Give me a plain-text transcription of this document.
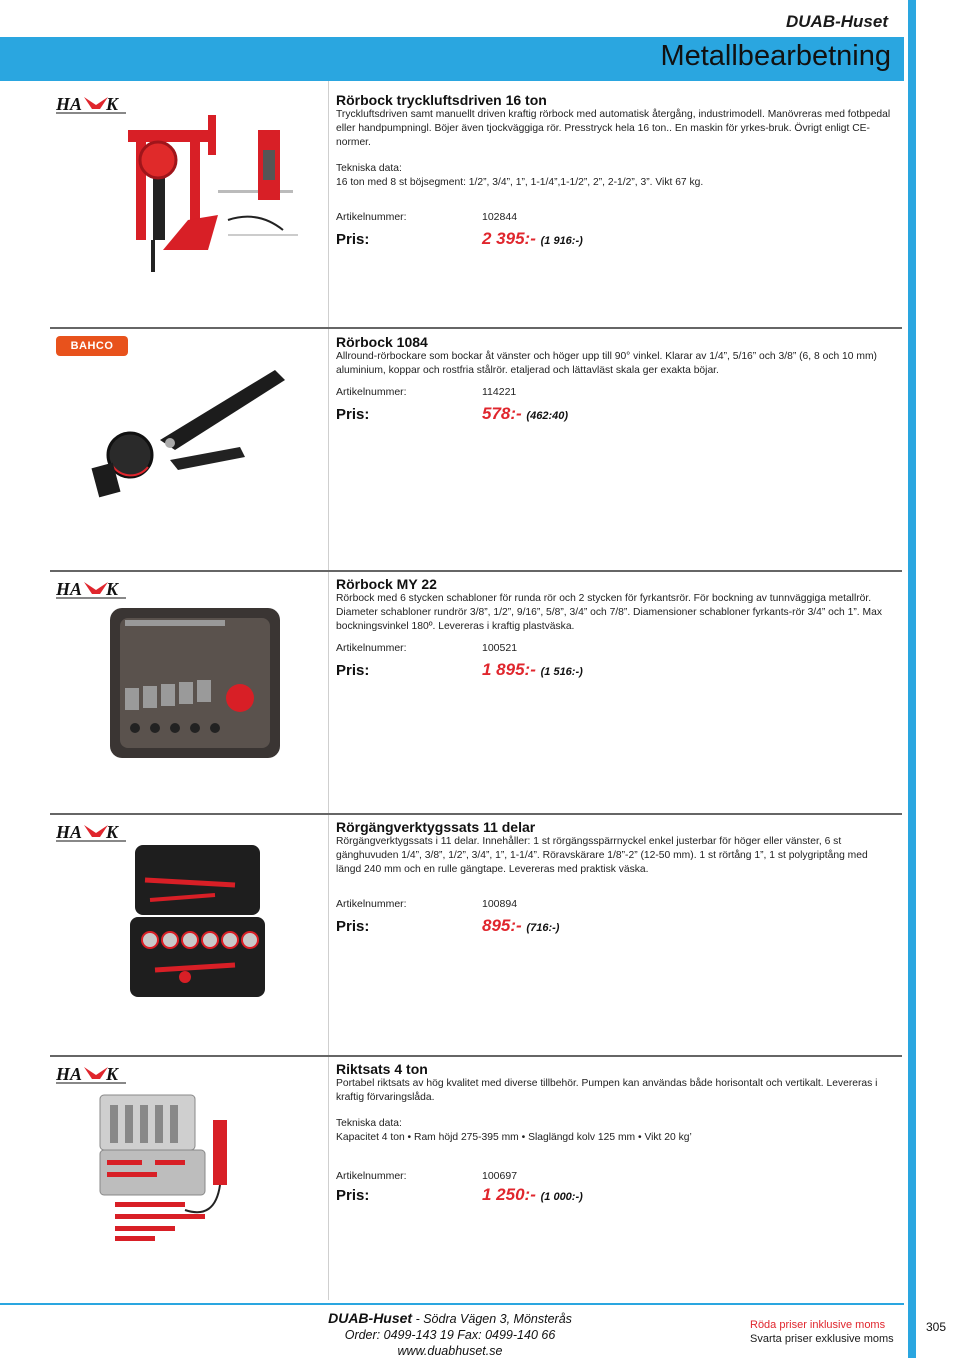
DUAB-Huset
Metallbearbetning
HA K	Rörbock tryckluftsdriven 16 ton
Tryckluftsdriven samt manuellt driven kraftig rörbock med automatisk återgång, industrimodell. Manövreras med fotbpedal eller handpumpningl. Böjer även tjockväggiga rör. Presstryck hela 16 ton.. En maskin för yrkes-bruk. Övrigt enligt CE-normer.
Tekniska data:
16 ton med 8 st böjsegment: 1/2”, 3/4”, 1”, 1-1/4”,1-1/2”, 2”, 2-1/2”, 3”. Vikt 67 kg.
Artikelnummer:	102844
Pris:	2 395:- (1 916:-)
BAHCO	Rörbock 1084
Allround-rörbockare som bockar åt vänster och höger upp till 90° vinkel. Klarar av 1/4”, 5/16” och 3/8” (6, 8 och 10 mm) aluminium, koppar och rostfria stålrör. etaljerad och lättavläst skala ger exakta böjar.
Artikelnummer:	114221
Pris:	578:- (462:40)
HA K	Rörbock MY 22
Rörbock med 6 stycken schabloner för runda rör och 2 stycken för fyrkantsrör. För bockning av tunnväggiga metallrör. Diameter schabloner rundrör 3/8”, 1/2”, 9/16”, 5/8”, 3/4” och 7/8”. Diamensioner schabloner fyrkants-rör 3/4” och 1”. Max bockningsvinkel 180º. Levereras i kraftig plastväska.
Artikelnummer:	100521
Pris:	1 895:- (1 516:-)
HA K	Rörgängverktygssats 11 delar
Rörgängverktygssats i 11 delar. Innehåller: 1 st rörgängsspärrnyckel enkel justerbar för höger eller vänster, 6 st gänghuvuden 1/4”, 3/8”, 1/2”, 3/4”, 1”, 1-1/4”. Röravskärare 1/8”-2” (12-50 mm). 1 st rörtång 1”, 1 st polygriptång med längd 240 mm och en rulle gängtape. Levereras med praktisk väska.
Artikelnummer:	100894
Pris:	895:- (716:-)
HA K	Riktsats 4 ton
Portabel riktsats av hög kvalitet med diverse tillbehör. Pumpen kan användas både horisontalt och vertikalt. Levereras i kraftig förvaringslåda.
Tekniska data:
Kapacitet 4 ton • Ram höjd 275-395 mm • Slaglängd kolv 125 mm • Vikt 20 kg’
Artikelnummer:	100697
Pris:	1 250:- (1 000:-)
DUAB-Huset - Södra Vägen 3, Mönsterås
Order: 0499-143 19 Fax: 0499-140 66
www.duabhuset.se
Röda priser inklusive moms
Svarta priser exklusive moms
305
